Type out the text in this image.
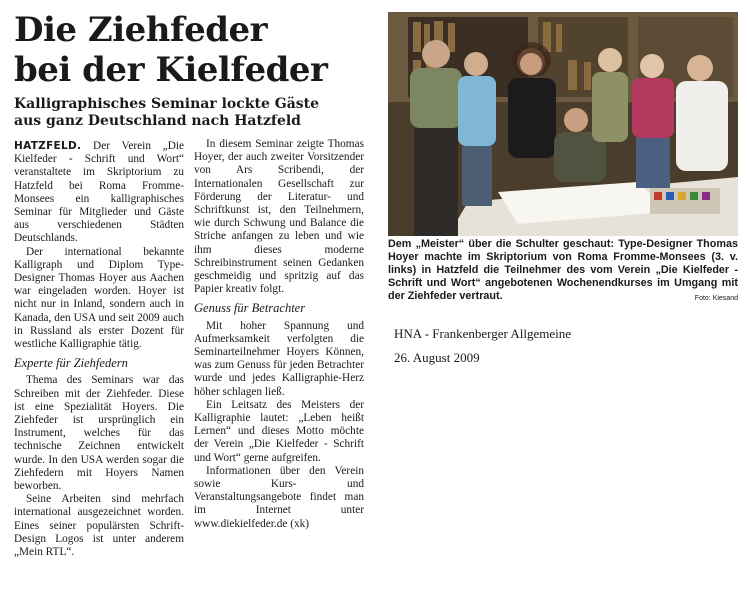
Die Ziehfeder
bei der Kielfeder
Kalligraphisches Seminar lockte Gäste
aus ganz Deutschland nach Hatzfeld

HATZFELD. Der Verein „Die Kielfeder - Schrift und Wort“ veranstaltete im Skriptorium zu Hatzfeld bei Roma Fromme-Monsees ein kalligraphisches Seminar für Mitglieder und Gäste aus verschiedenen Städten Deutschlands.

Der international bekannte Kalligraph und Diplom Type-Designer Thomas Hoyer aus Aachen war eingeladen worden. Hoyer ist nicht nur in Inland, sondern auch in Kanada, den USA und seit 2009 auch in Russland als erster Dozent für westliche Kalligraphie tätig.

Experte für Ziehfedern

Thema des Seminars war das Schreiben mit der Ziehfeder. Diese ist eine Spezialität Hoyers. Die Ziehfeder ist ursprünglich ein Instrument, welches für das technische Zeichnen entwickelt wurde. In den USA werden sogar die Ziehfedern mit Hoyers Namen beworben.

Seine Arbeiten sind mehrfach international ausgezeichnet worden. Eines seiner populärsten Schrift-Design Logos ist unter anderem „Mein RTL“.

In diesem Seminar zeigte Thomas Hoyer, der auch zweiter Vorsitzender von Ars Scribendi, der Internationalen Gesellschaft zur Förderung der Literatur- und Schriftkunst ist, den Teilnehmern, wie durch Schwung und Balance die Striche anfangen zu leben und wie ihm dieses moderne Schreibinstrument seinen Gedanken geschmeidig und spritzig auf das Papier kreativ folgt.

Genuss für Betrachter

Mit hoher Spannung und Aufmerksamkeit verfolgten die Seminarteilnehmer Hoyers Können, was zum Genuss für jeden Betrachter wurde und jedes Kalligraphie-Herz höher schlagen ließ.

Ein Leitsatz des Meisters der Kalligraphie lautet: „Leben heißt Lernen“ und dieses Motto möchte der Verein „Die Kielfeder - Schrift und Wort“ gerne aufgreifen.

Informationen über den Verein sowie Kurs- und Veranstaltungsangebote findet man im Internet unter www.diekielfeder.de (xk)

Dem „Meister“ über die Schulter geschaut: Type-Designer Thomas Hoyer machte im Skriptorium von Roma Fromme-Monsees (3. v. links) in Hatzfeld die Teilnehmer des vom Verein „Die Kielfeder - Schrift und Wort“ angebotenen Wochenendkurses im Umgang mit der Ziehfeder vertraut.	Foto: Kiesand
HNA - Frankenberger Allgemeine
26. August 2009
